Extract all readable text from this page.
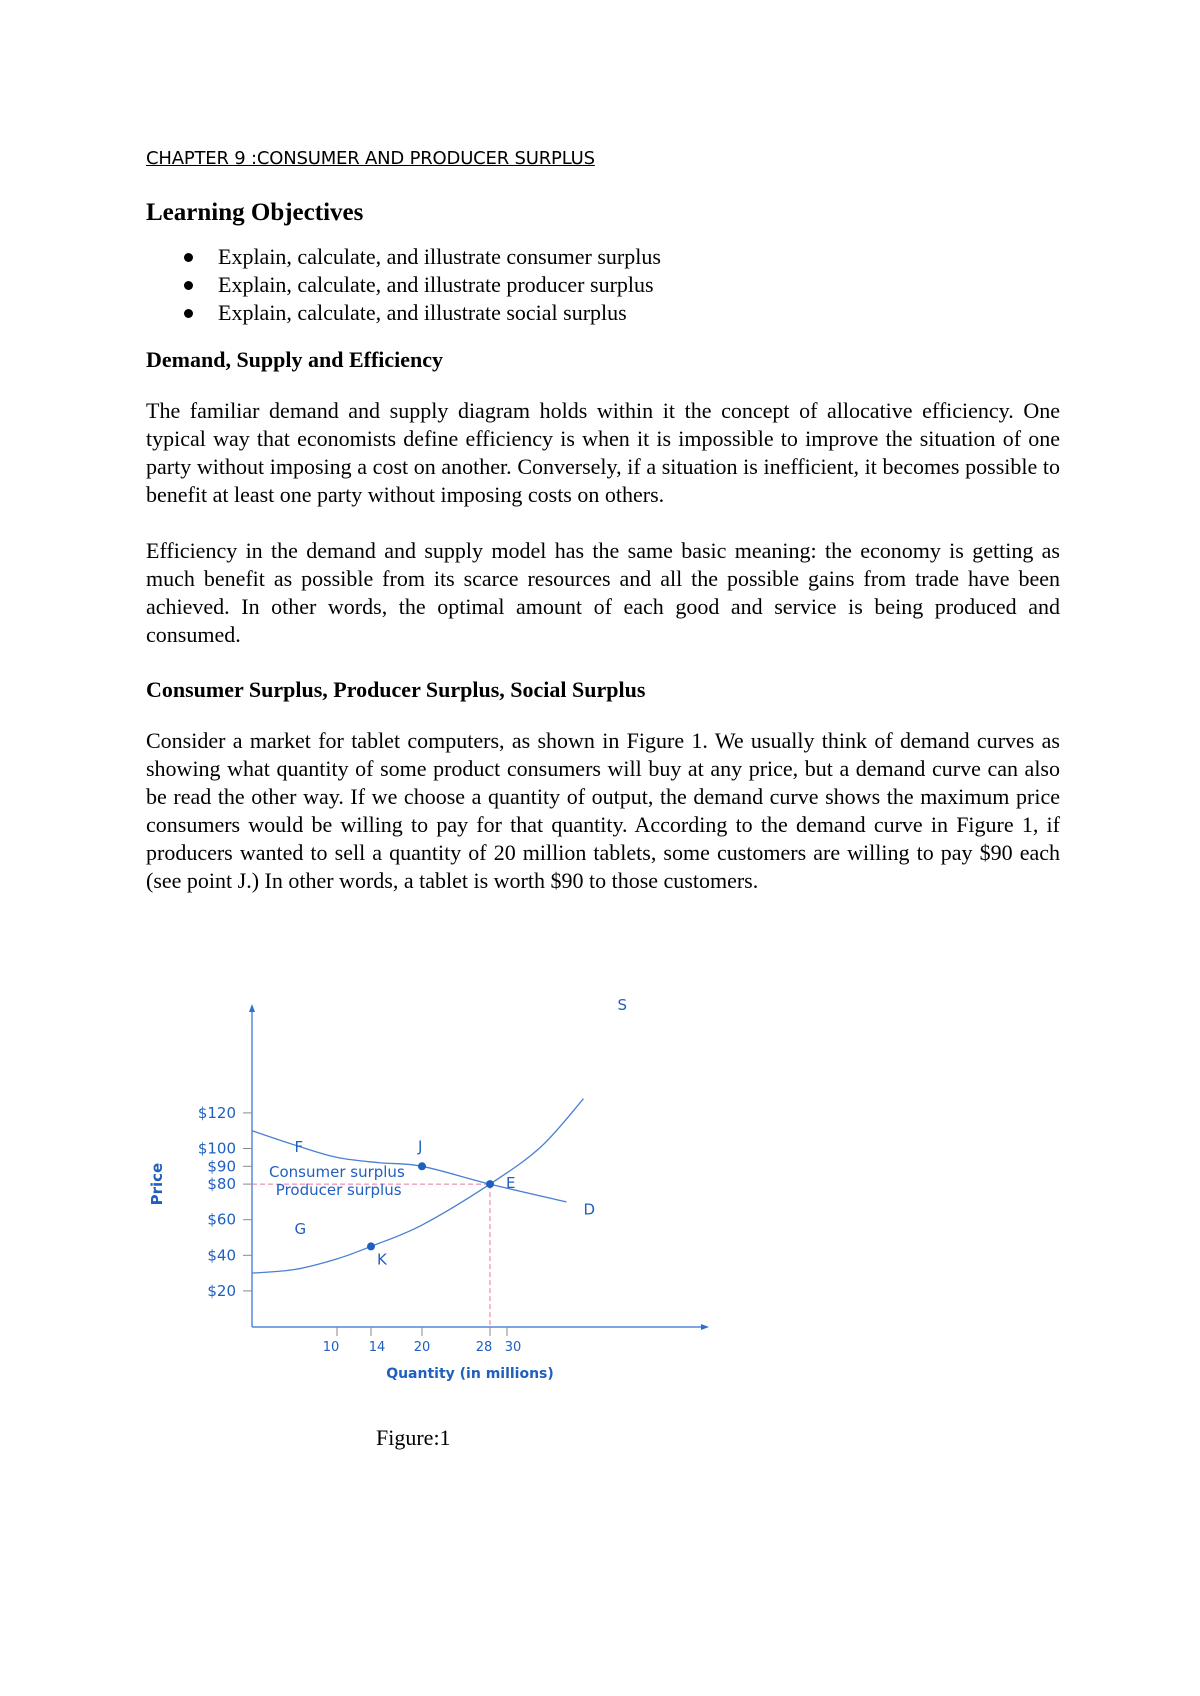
CHAPTER 9 :CONSUMER AND PRODUCER SURPLUS
Learning Objectives
Explain, calculate, and illustrate consumer surplus
Explain, calculate, and illustrate producer surplus
Explain, calculate, and illustrate social surplus
Demand, Supply and Efficiency

The familiar demand and supply diagram holds within it the concept of allocative efficiency. One typical way that economists define efficiency is when it is impossible to improve the situation of one party without imposing a cost on another. Conversely, if a situation is inefficient, it becomes possible to benefit at least one party without imposing costs on others.

Efficiency in the demand and supply model has the same basic meaning: the economy is getting as much benefit as possible from its scarce resources and all the possible gains from trade have been achieved. In other words, the optimal amount of each good and service is being produced and consumed.

Consumer Surplus, Producer Surplus, Social Surplus

Consider a market for tablet computers, as shown in Figure 1. We usually think of demand curves as showing what quantity of some product consumers will buy at any price, but a demand curve can also be read the other way. If we choose a quantity of output, the demand curve shows the maximum price consumers would be willing to pay for that quantity. According to the demand curve in Figure 1, if producers wanted to sell a quantity of 20 million tablets, some customers are willing to pay $90 each (see point J.) In other words, a tablet is worth $90 to those customers.

$120
$100
$90
$80
$60
$40
$20
10 14 20	28 30
Price
Quantity (in millions)
J
E
K
S
D
F
G
Consumer surplus
Producer surplus
Figure:1
